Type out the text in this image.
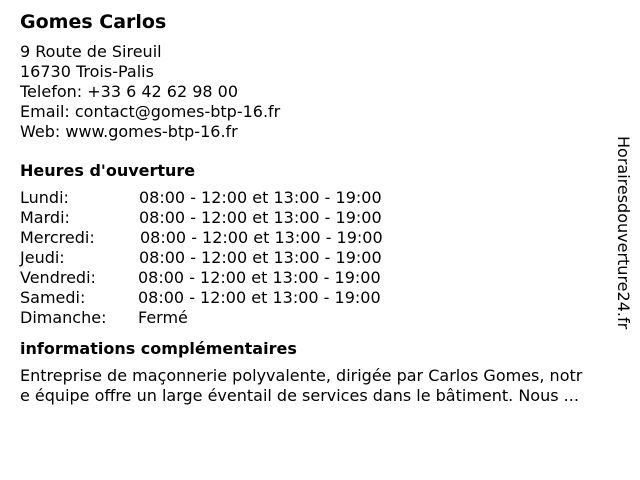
Gomes Carlos
9 Route de Sireuil
16730 Trois-Palis
Telefon: +33 6 42 62 98 00
Email: contact@gomes-btp-16.fr
Web: www.gomes-btp-16.fr
Heures d'ouverture
Lundi:	08:00 - 12:00 et 13:00 - 19:00
Mardi:	08:00 - 12:00 et 13:00 - 19:00
Mercredi:	08:00 - 12:00 et 13:00 - 19:00
Jeudi:	08:00 - 12:00 et 13:00 - 19:00
Vendredi:	08:00 - 12:00 et 13:00 - 19:00
Samedi:	08:00 - 12:00 et 13:00 - 19:00
Dimanche: Fermé
informations complémentaires
Entreprise de maçonnerie polyvalente, dirigée par Carlos Gomes, notr
e équipe offre un large éventail de services dans le bâtiment. Nous ...
Horairesdouverture24.fr
